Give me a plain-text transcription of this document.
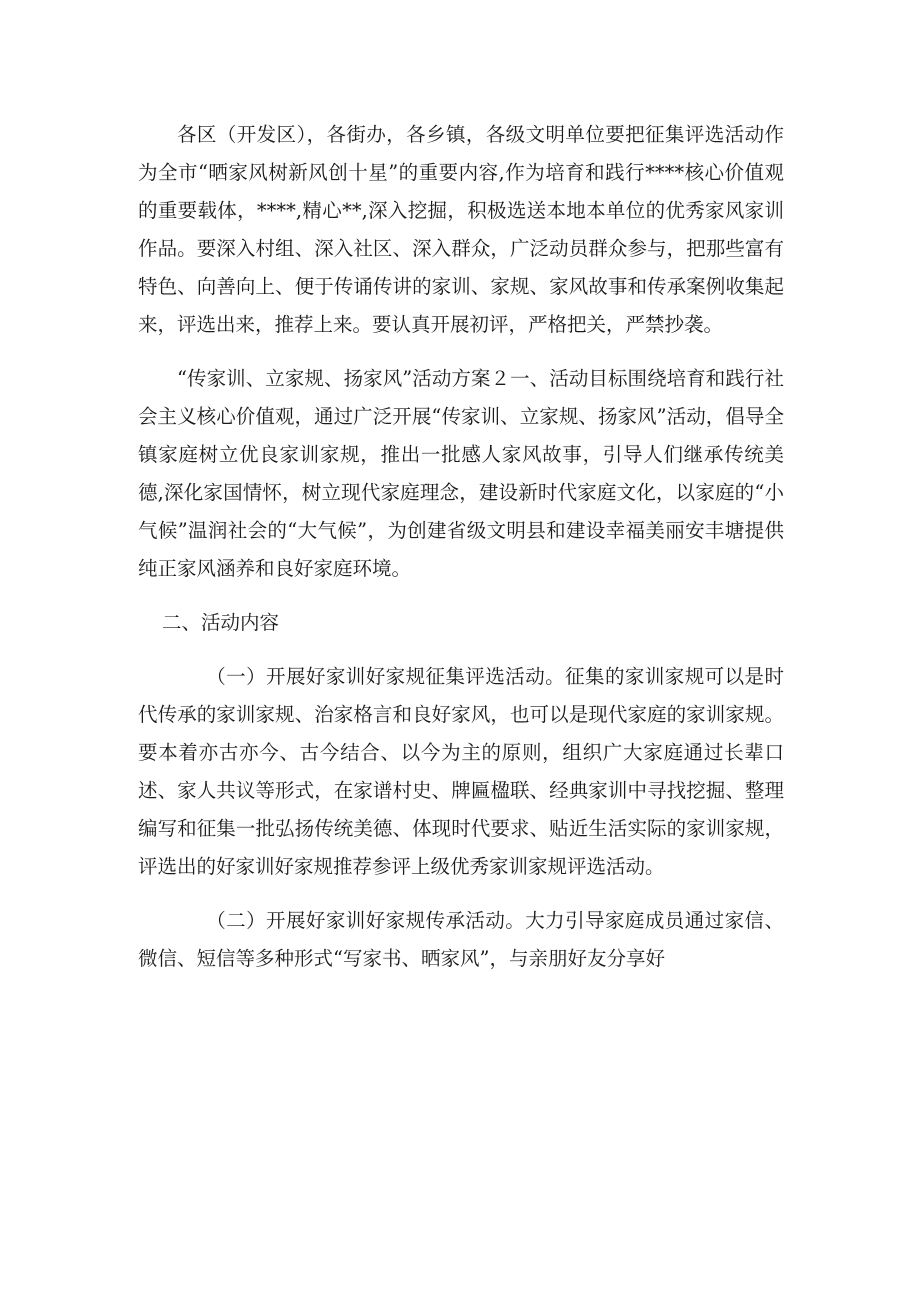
各区（开发区），各街办，各乡镇，各级文明单位要把征集评选活动作为全市“晒家风树新风创十星”的重要内容,作为培育和践行****核心价值观的重要载体，****,精心**,深入挖掘，积极选送本地本单位的优秀家风家训作品。要深入村组、深入社区、深入群众，广泛动员群众参与，把那些富有特色、向善向上、便于传诵传讲的家训、家规、家风故事和传承案例收集起来，评选出来，推荐上来。要认真开展初评，严格把关，严禁抄袭。

“传家训、立家规、扬家风”活动方案２一、活动目标围绕培育和践行社会主义核心价值观，通过广泛开展“传家训、立家规、扬家风”活动，倡导全镇家庭树立优良家训家规，推出一批感人家风故事，引导人们继承传统美德,深化家国情怀，树立现代家庭理念，建设新时代家庭文化，以家庭的“小气候”温润社会的“大气候”，为创建省级文明县和建设幸福美丽安丰塘提供纯正家风涵养和良好家庭环境。

二、活动内容

（一）开展好家训好家规征集评选活动。征集的家训家规可以是时代传承的家训家规、治家格言和良好家风，也可以是现代家庭的家训家规。要本着亦古亦今、古今结合、以今为主的原则，组织广大家庭通过长辈口述、家人共议等形式，在家谱村史、牌匾楹联、经典家训中寻找挖掘、整理编写和征集一批弘扬传统美德、体现时代要求、贴近生活实际的家训家规，评选出的好家训好家规推荐参评上级优秀家训家规评选活动。

（二）开展好家训好家规传承活动。大力引导家庭成员通过家信、微信、短信等多种形式“写家书、晒家风”，与亲朋好友分享好
